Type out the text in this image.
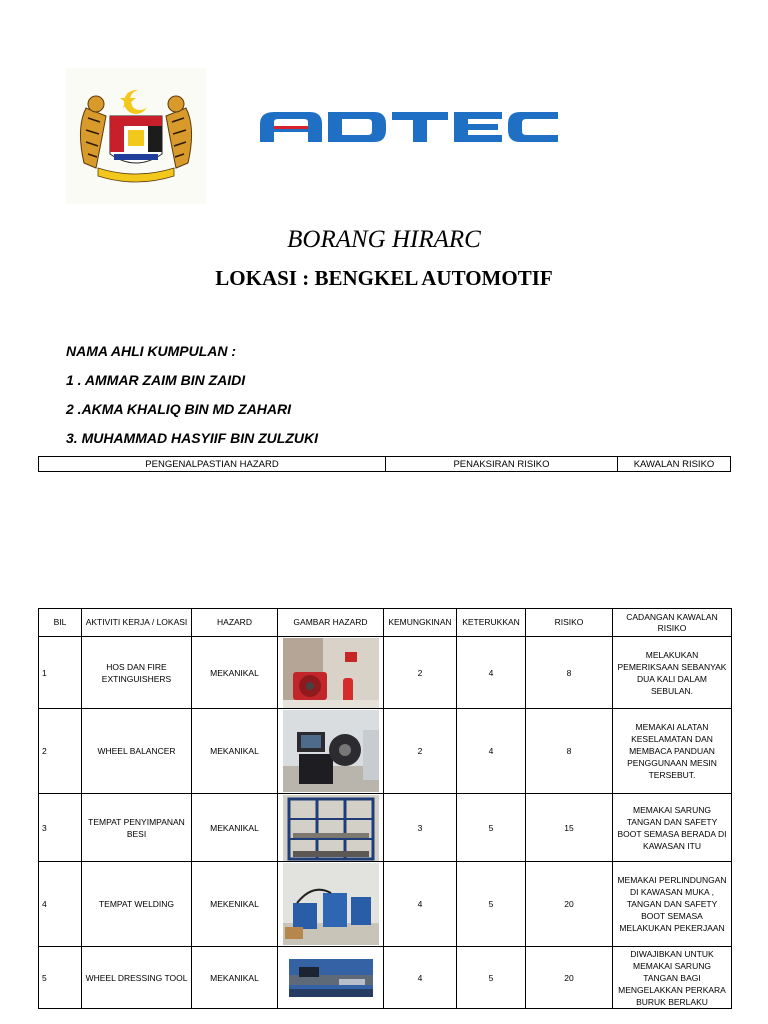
BORANG HIRARC
LOKASI : BENGKEL AUTOMOTIF
NAMA AHLI KUMPULAN :
1 . AMMAR ZAIM BIN ZAIDI
2 .AKMA KHALIQ BIN MD ZAHARI
3. MUHAMMAD HASYIIF BIN ZULZUKI
PENGENALPASTIAN HAZARD	PENAKSIRAN RISIKO	KAWALAN RISIKO
BIL	AKTIVITI KERJA / LOKASI	HAZARD	GAMBAR HAZARD	KEMUNGKINAN	KETERUKKAN	RISIKO	CADANGAN KAWALAN RISIKO
1	HOS DAN FIRE EXTINGUISHERS	MEKANIKAL		2	4	8	MELAKUKAN PEMERIKSAAN SEBANYAK DUA KALI DALAM SEBULAN.
2	WHEEL BALANCER	MEKANIKAL		2	4	8	MEMAKAI ALATAN KESELAMATAN DAN MEMBACA PANDUAN PENGGUNAAN MESIN TERSEBUT.
3	TEMPAT PENYIMPANAN BESI	MEKANIKAL		3	5	15	MEMAKAI SARUNG TANGAN DAN SAFETY BOOT SEMASA BERADA DI KAWASAN ITU
4	TEMPAT WELDING	MEKENIKAL		4	5	20	MEMAKAI PERLINDUNGAN DI KAWASAN MUKA , TANGAN DAN SAFETY BOOT SEMASA MELAKUKAN PEKERJAAN
5	WHEEL DRESSING TOOL	MEKANIKAL		4	5	20	DIWAJIBKAN UNTUK MEMAKAI SARUNG TANGAN BAGI MENGELAKKAN PERKARA BURUK BERLAKU
